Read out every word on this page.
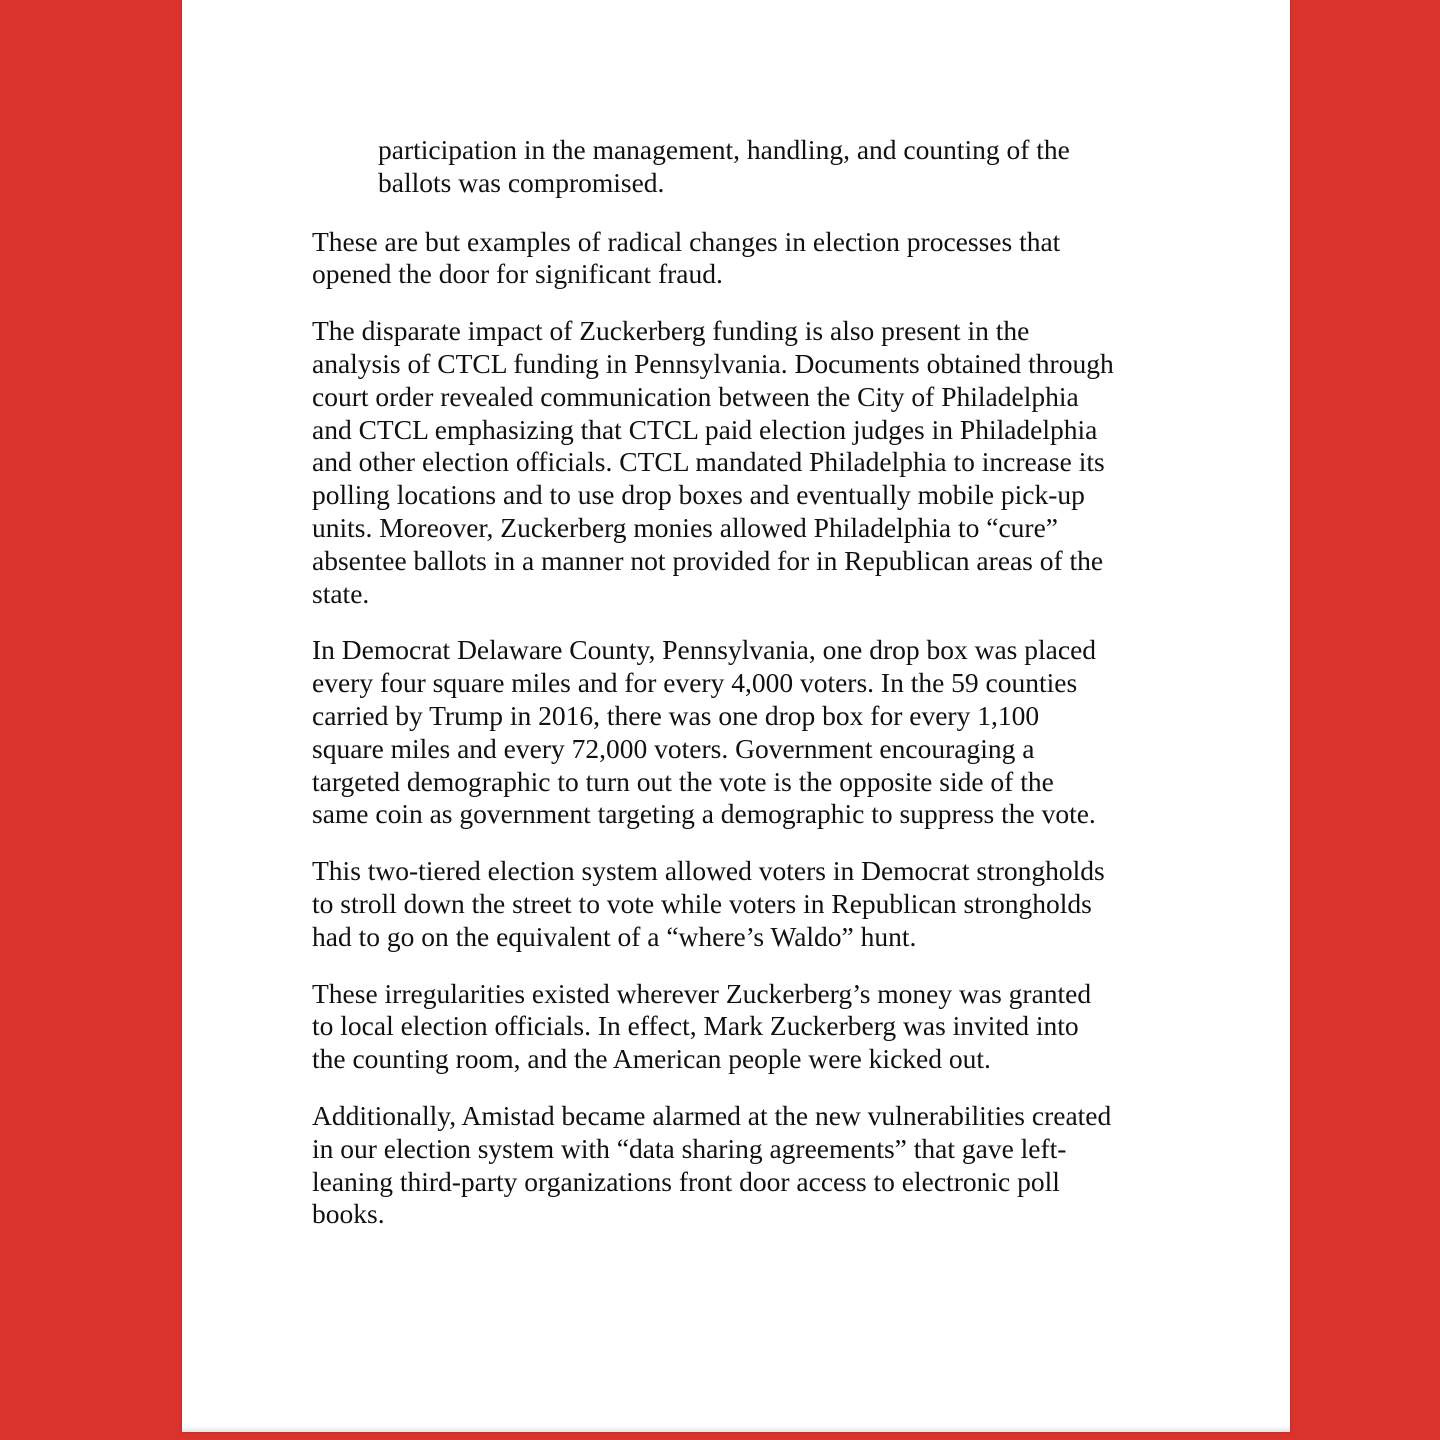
participation in the management, handling, and counting of the
ballots was compromised.
These are but examples of radical changes in election processes that
opened the door for significant fraud.
The disparate impact of Zuckerberg funding is also present in the
analysis of CTCL funding in Pennsylvania. Documents obtained through
court order revealed communication between the City of Philadelphia
and CTCL emphasizing that CTCL paid election judges in Philadelphia
and other election officials. CTCL mandated Philadelphia to increase its
polling locations and to use drop boxes and eventually mobile pick-up
units. Moreover, Zuckerberg monies allowed Philadelphia to “cure”
absentee ballots in a manner not provided for in Republican areas of the
state.
In Democrat Delaware County, Pennsylvania, one drop box was placed
every four square miles and for every 4,000 voters. In the 59 counties
carried by Trump in 2016, there was one drop box for every 1,100
square miles and every 72,000 voters. Government encouraging a
targeted demographic to turn out the vote is the opposite side of the
same coin as government targeting a demographic to suppress the vote.
This two-tiered election system allowed voters in Democrat strongholds
to stroll down the street to vote while voters in Republican strongholds
had to go on the equivalent of a “where’s Waldo” hunt.
These irregularities existed wherever Zuckerberg’s money was granted
to local election officials. In effect, Mark Zuckerberg was invited into
the counting room, and the American people were kicked out.
Additionally, Amistad became alarmed at the new vulnerabilities created
in our election system with “data sharing agreements” that gave left-
leaning third-party organizations front door access to electronic poll
books.
